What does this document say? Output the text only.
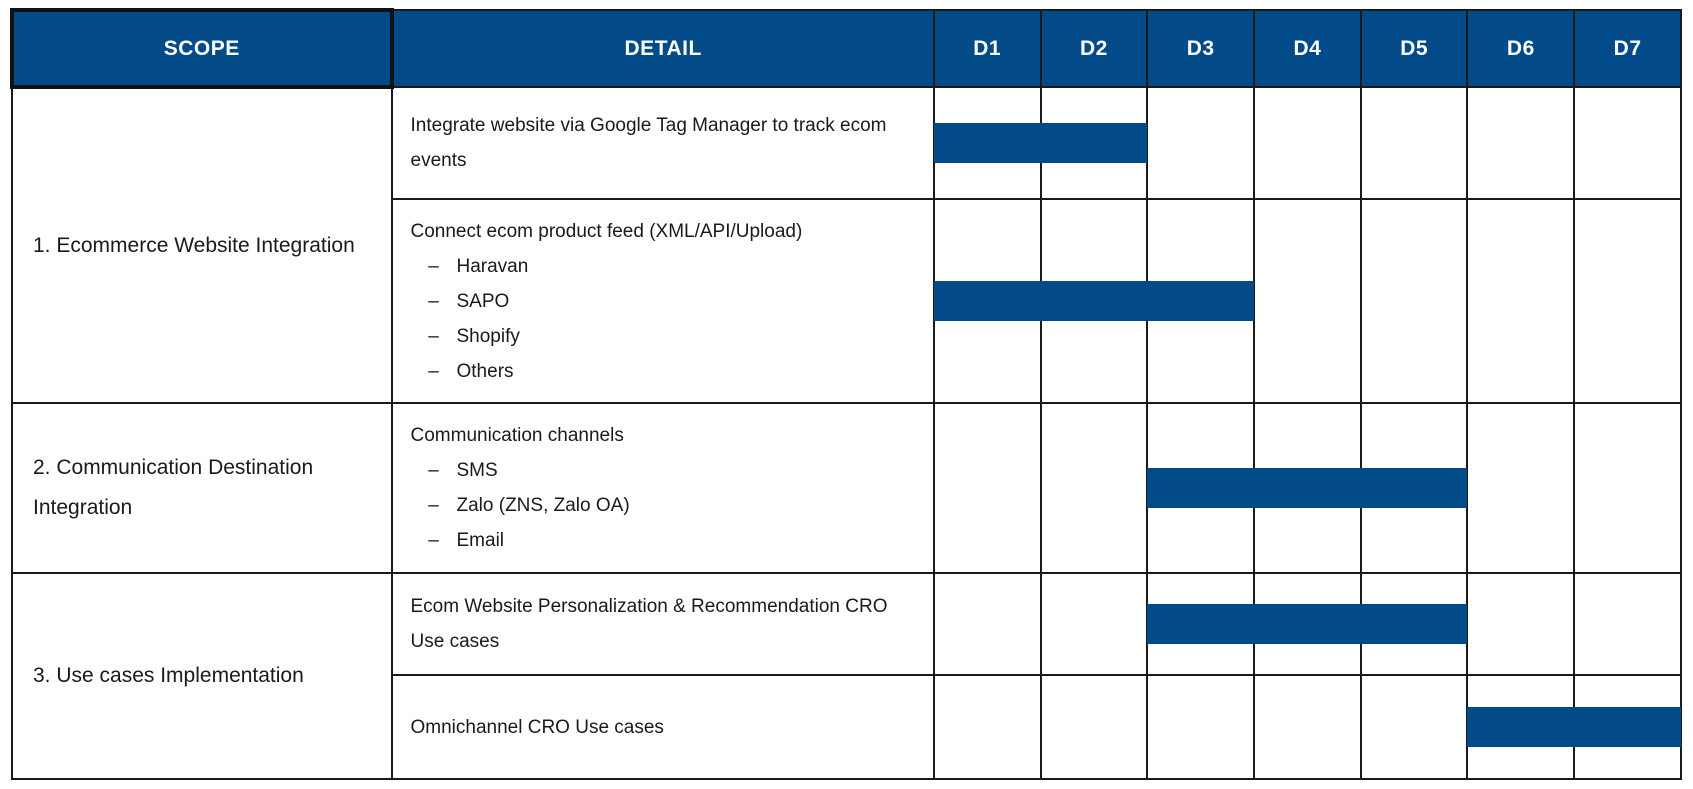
SCOPE	DETAIL	D1	D2	D3	D4	D5	D6	D7
1. Ecommerce Website Integration	Integrate website via Google Tag Manager to track ecom events							

	Connect ecom product feed (XML/API/Upload)
– Haravan
– SAPO
– Shopify
– Others							

2. Communication Destination Integration	Communication channels
– SMS
– Zalo (ZNS, Zalo OA)
– Email							

3. Use cases Implementation	Ecom Website Personalization & Recommendation CRO Use cases							
	Omnichannel CRO Use cases							
